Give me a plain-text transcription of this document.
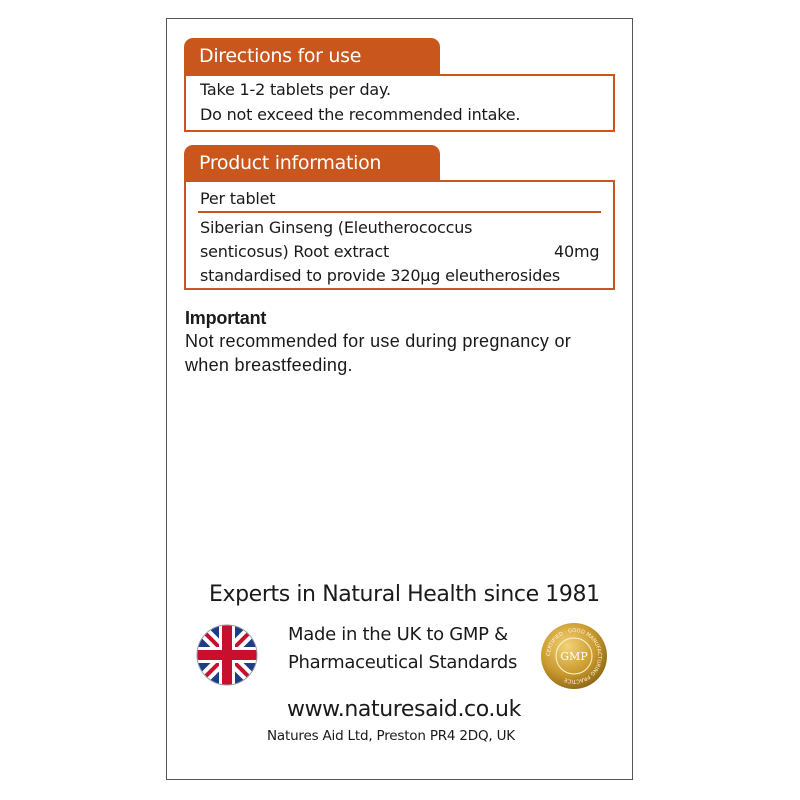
Directions for use
Take 1-2 tablets per day.
Do not exceed the recommended intake.
Product information
Per tablet
Siberian Ginseng (Eleutherococcus
senticosus) Root extract	40mg
standardised to provide 320µg eleutherosides
Important
Not recommended for use during pregnancy or
when breastfeeding.
Experts in Natural Health since 1981
Made in the UK to GMP &
Pharmaceutical Standards	CERTIFIED · GOOD MANUFACTURING PRACTICE
GMP
www.naturesaid.co.uk
Natures Aid Ltd, Preston PR4 2DQ, UK
